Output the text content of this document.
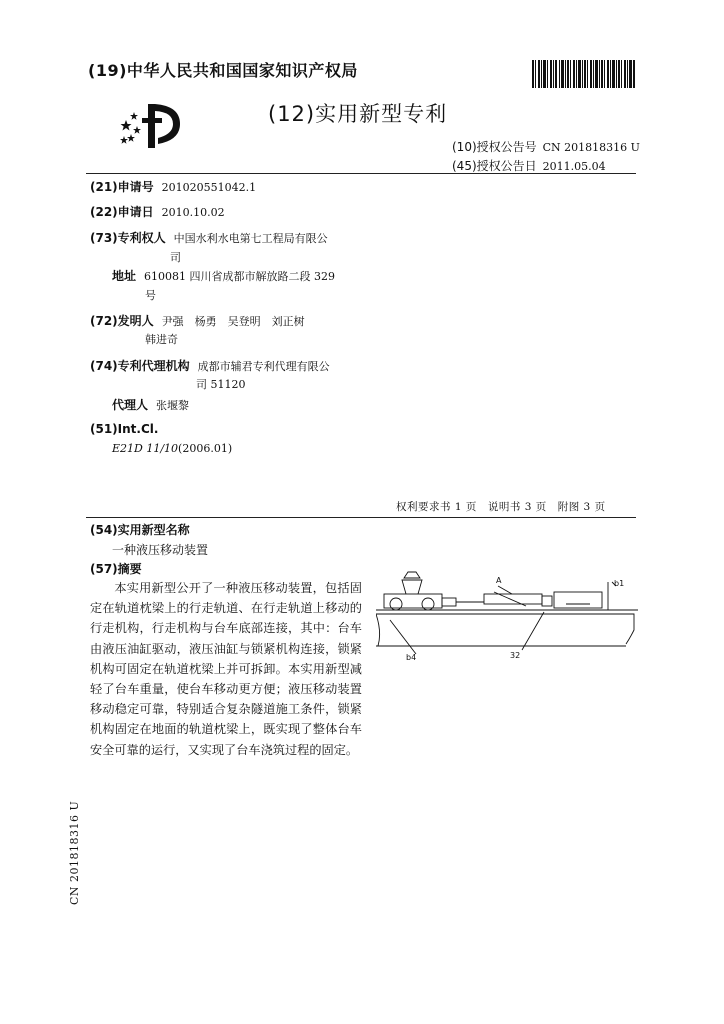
(19)中华人民共和国国家知识产权局
(12)实用新型专利
(10)授权公告号 CN 201818316 U
(45)授权公告日 2011.05.04
(21)申请号 201020551042.1
(22)申请日 2010.10.02
(73)专利权人 中国水利水电第七工程局有限公
司
地址 610081 四川省成都市解放路二段 329
号
(72)发明人 尹强　杨勇　吴登明　刘正树
韩进奇
(74)专利代理机构 成都市辅君专利代理有限公
司 51120
代理人 张堰黎
(51)Int.Cl.
E21D 11/10(2006.01)
权利要求书 1 页　说明书 3 页　附图 3 页
(54)实用新型名称
一种液压移动装置
(57)摘要
本实用新型公开了一种液压移动装置，包括固定在轨道枕梁上的行走轨道、在行走轨道上移动的行走机构，行走机构与台车底部连接，其中：台车由液压油缸驱动，液压油缸与锁紧机构连接，锁紧机构可固定在轨道枕梁上并可拆卸。本实用新型减轻了台车重量，使台车移动更方便；液压移动装置移动稳定可靠，特别适合复杂隧道施工条件，锁紧机构固定在地面的轨道枕梁上，既实现了整体台车安全可靠的运行，又实现了台车浇筑过程的固定。
A	b1
b4	32
CN 201818316 U
